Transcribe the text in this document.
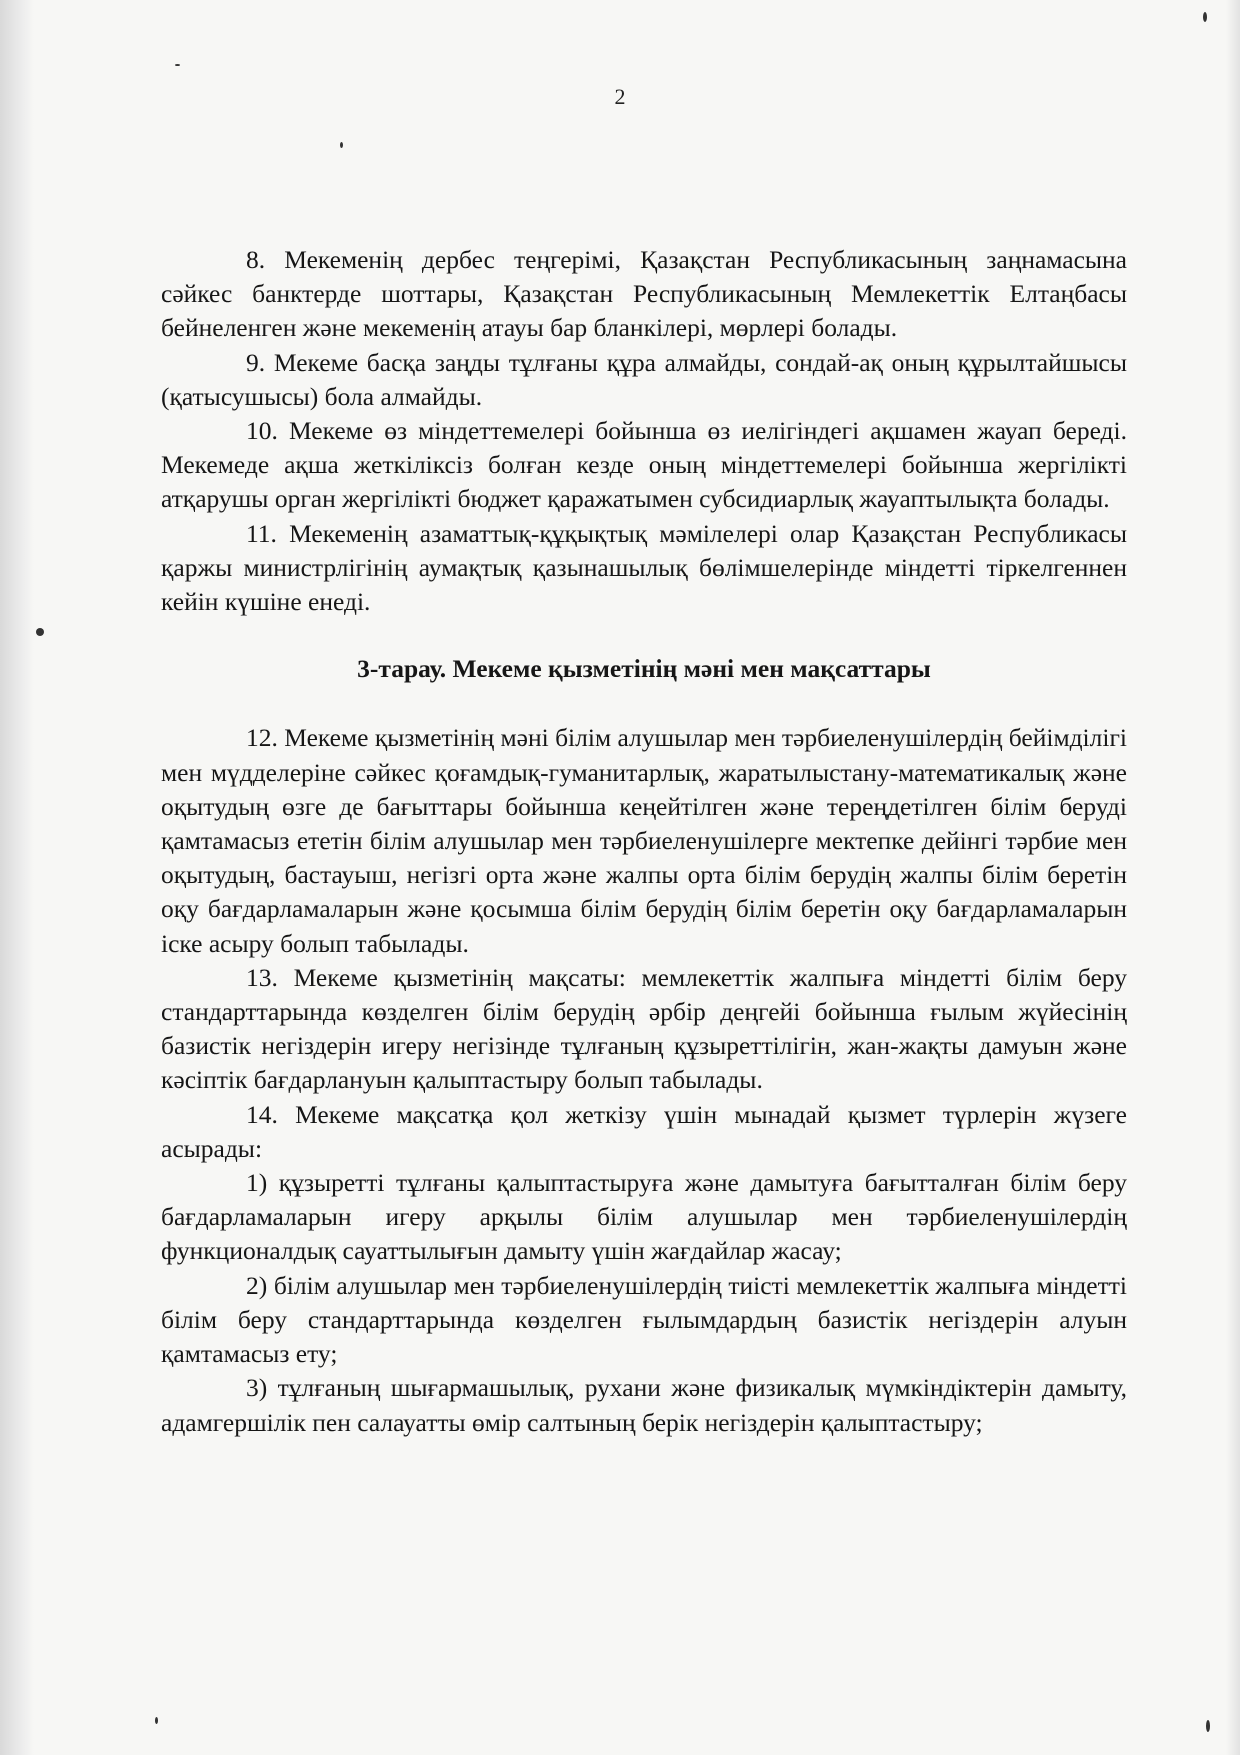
2

8. Мекеменің дербес теңгерімі, Қазақстан Республикасының заңнамасына сәйкес банктерде шоттары, Қазақстан Республикасының Мемлекеттік Елтаңбасы бейнеленген және мекеменің атауы бар бланкілері, мөрлері болады.

9. Мекеме басқа заңды тұлғаны құра алмайды, сондай-ақ оның құрылтайшысы (қатысушысы) бола алмайды.

10. Мекеме өз міндеттемелері бойынша өз иелігіндегі ақшамен жауап береді. Мекемеде ақша жеткіліксіз болған кезде оның міндеттемелері бойынша жергілікті атқарушы орган жергілікті бюджет қаражатымен субсидиарлық жауаптылықта болады.

11. Мекеменің азаматтық-құқықтық мәмілелері олар Қазақстан Республикасы қаржы министрлігінің аумақтық қазынашылық бөлімшелерінде міндетті тіркелгеннен кейін күшіне енеді.

3-тарау. Мекеме қызметінің мәні мен мақсаттары

12. Мекеме қызметінің мәні білім алушылар мен тәрбиеленушілердің бейімділігі мен мүдделеріне сәйкес қоғамдық-гуманитарлық, жаратылыстану-математикалық және оқытудың өзге де бағыттары бойынша кеңейтілген және тереңдетілген білім беруді қамтамасыз ететін білім алушылар мен тәрбиеленушілерге мектепке дейінгі тәрбие мен оқытудың, бастауыш, негізгі орта және жалпы орта білім берудің жалпы білім беретін оқу бағдарламаларын және қосымша білім берудің білім беретін оқу бағдарламаларын іске асыру болып табылады.

13. Мекеме қызметінің мақсаты: мемлекеттік жалпыға міндетті білім беру стандарттарында көзделген білім берудің әрбір деңгейі бойынша ғылым жүйесінің базистік негіздерін игеру негізінде тұлғаның құзыреттілігін, жан-жақты дамуын және кәсіптік бағдарлануын қалыптастыру болып табылады.

14. Мекеме мақсатқа қол жеткізу үшін мынадай қызмет түрлерін жүзеге асырады:

1) құзыретті тұлғаны қалыптастыруға және дамытуға бағытталған білім беру бағдарламаларын игеру арқылы білім алушылар мен тәрбиеленушілердің функционалдық сауаттылығын дамыту үшін жағдайлар жасау;

2) білім алушылар мен тәрбиеленушілердің тиісті мемлекеттік жалпыға міндетті білім беру стандарттарында көзделген ғылымдардың базистік негіздерін алуын қамтамасыз ету;

3) тұлғаның шығармашылық, рухани және физикалық мүмкіндіктерін дамыту, адамгершілік пен салауатты өмір салтының берік негіздерін қалыптастыру;
